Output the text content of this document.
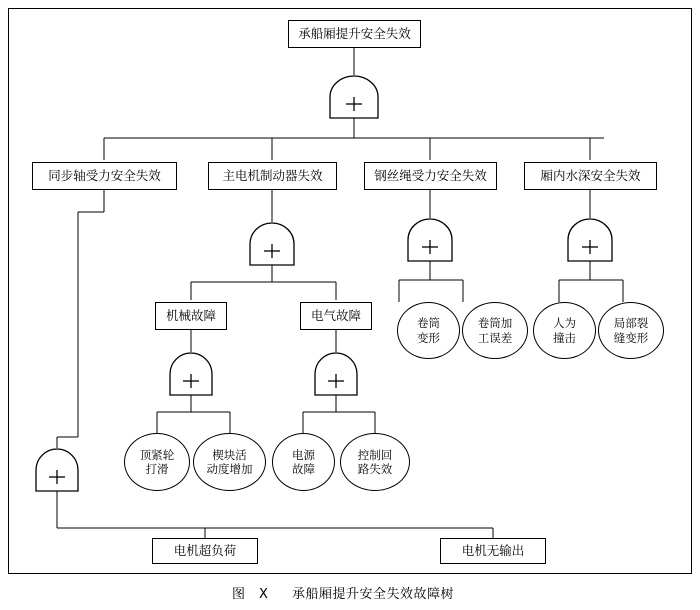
承船厢提升安全失效
同步轴受力安全失效	主电机制动器失效	钢丝绳受力安全失效	厢内水深安全失效
机械故障	电气故障
卷筒
变形
卷筒加
工误差
人为
撞击
局部裂
缝变形
顶紧轮
打滑
楔块活
动度增加
电源
故障
控制回
路失效
电机超负荷	电机无输出
图　Ⅹ 承船厢提升安全失效故障树
